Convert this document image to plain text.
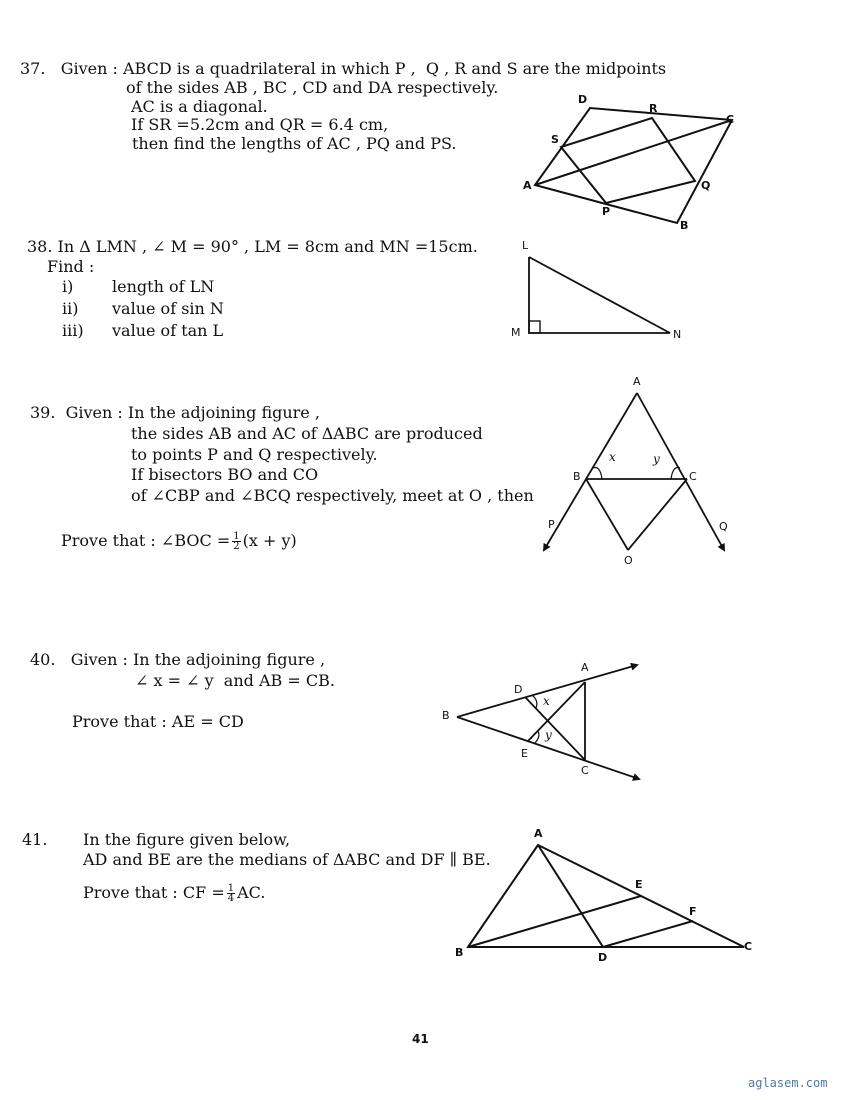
37.   Given : ABCD is a quadrilateral in which P ,  Q , R and S are the midpoints
of the sides AB , BC , CD and DA respectively.
AC is a diagonal.
If SR =5.2cm and QR = 6.4 cm,
then find the lengths of AC , PQ and PS.
A
B
C
D
P
Q
R
S
38. In Δ LMN , ∠ M = 90° , LM = 8cm and MN =15cm.
Find :
i) length of LN
ii) value of sin N
iii) value of tan L
L
M	N
39.  Given : In the adjoining figure ,
the sides AB and AC of ΔABC are produced
to points P and Q respectively.
If bisectors BO and CO
of ∠CBP and ∠BCQ respectively, meet at O , then
Prove that : ∠BOC = $\frac{1}{2} (x + y)$
A
B	C
P	Q
O
x	y
40.   Given : In the adjoining figure ,
∠ x = ∠ y  and AB = CB.
Prove that : AE = CD
A
B
C
D
E
x
y
41. In the figure given below,
AD and BE are the medians of ΔABC and DF ∥ BE.
Prove that : CF = $\frac{1}{4}$ AC.
A
B	C
D
E
F
41
aglasem.com
